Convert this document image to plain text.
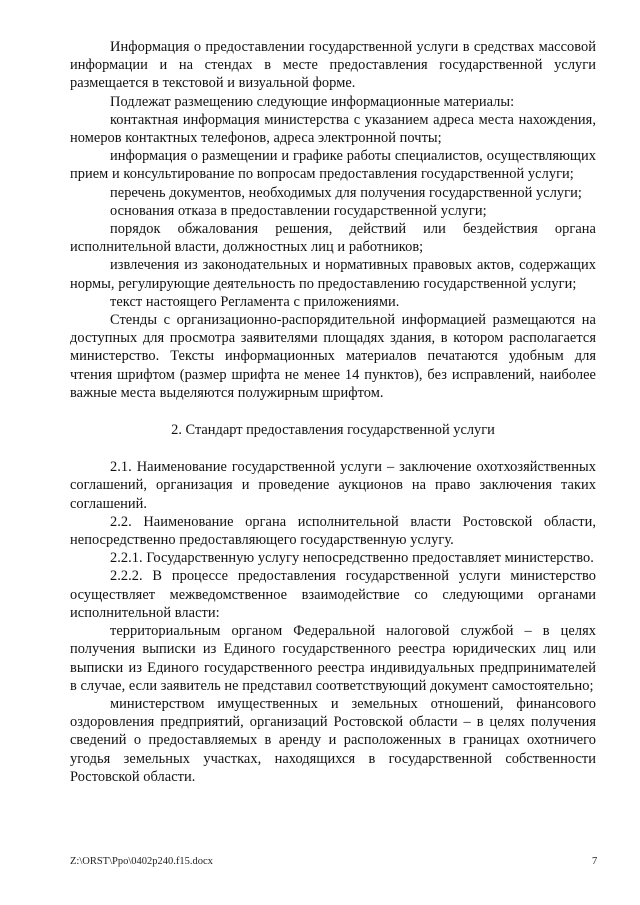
Информация о предоставлении государственной услуги в средствах массовой информации и на стендах в месте предоставления государственной услуги размещается в текстовой и визуальной форме.

Подлежат размещению следующие информационные материалы:

контактная информация министерства с указанием адреса места нахождения, номеров контактных телефонов, адреса электронной почты;

информация о размещении и графике работы специалистов, осуществляющих прием и консультирование по вопросам предоставления государственной услуги;

перечень документов, необходимых для получения государственной услуги;

основания отказа в предоставлении государственной услуги;

порядок обжалования решения, действий или бездействия органа исполнительной власти, должностных лиц и работников;

извлечения из законодательных и нормативных правовых актов, содержащих нормы, регулирующие деятельность по предоставлению государственной услуги;

текст настоящего Регламента с приложениями.

Стенды с организационно-распорядительной информацией размещаются на доступных для просмотра заявителями площадях здания, в котором располагается министерство. Тексты информационных материалов печатаются удобным для чтения шрифтом (размер шрифта не менее 14 пунктов), без исправлений, наиболее важные места выделяются полужирным шрифтом.

2. Стандарт предоставления государственной услуги

2.1. Наименование государственной услуги – заключение охотхозяйственных соглашений, организация и проведение аукционов на право заключения таких соглашений.

2.2. Наименование органа исполнительной власти Ростовской области, непосредственно предоставляющего государственную услугу.

2.2.1. Государственную услугу непосредственно предоставляет министерство.

2.2.2. В процессе предоставления государственной услуги министерство осуществляет межведомственное взаимодействие со следующими органами исполнительной власти:

территориальным органом Федеральной налоговой службой – в целях получения выписки из Единого государственного реестра юридических лиц или выписки из Единого государственного реестра индивидуальных предпринимателей в случае, если заявитель не представил соответствующий документ самостоятельно;

министерством имущественных и земельных отношений, финансового оздоровления предприятий, организаций Ростовской области – в целях получения сведений о предоставляемых в аренду и расположенных в границах охотничего угодья земельных участках, находящихся в государственной собственности Ростовской области.

Z:\ORST\Ppo\0402p240.f15.docx	7
